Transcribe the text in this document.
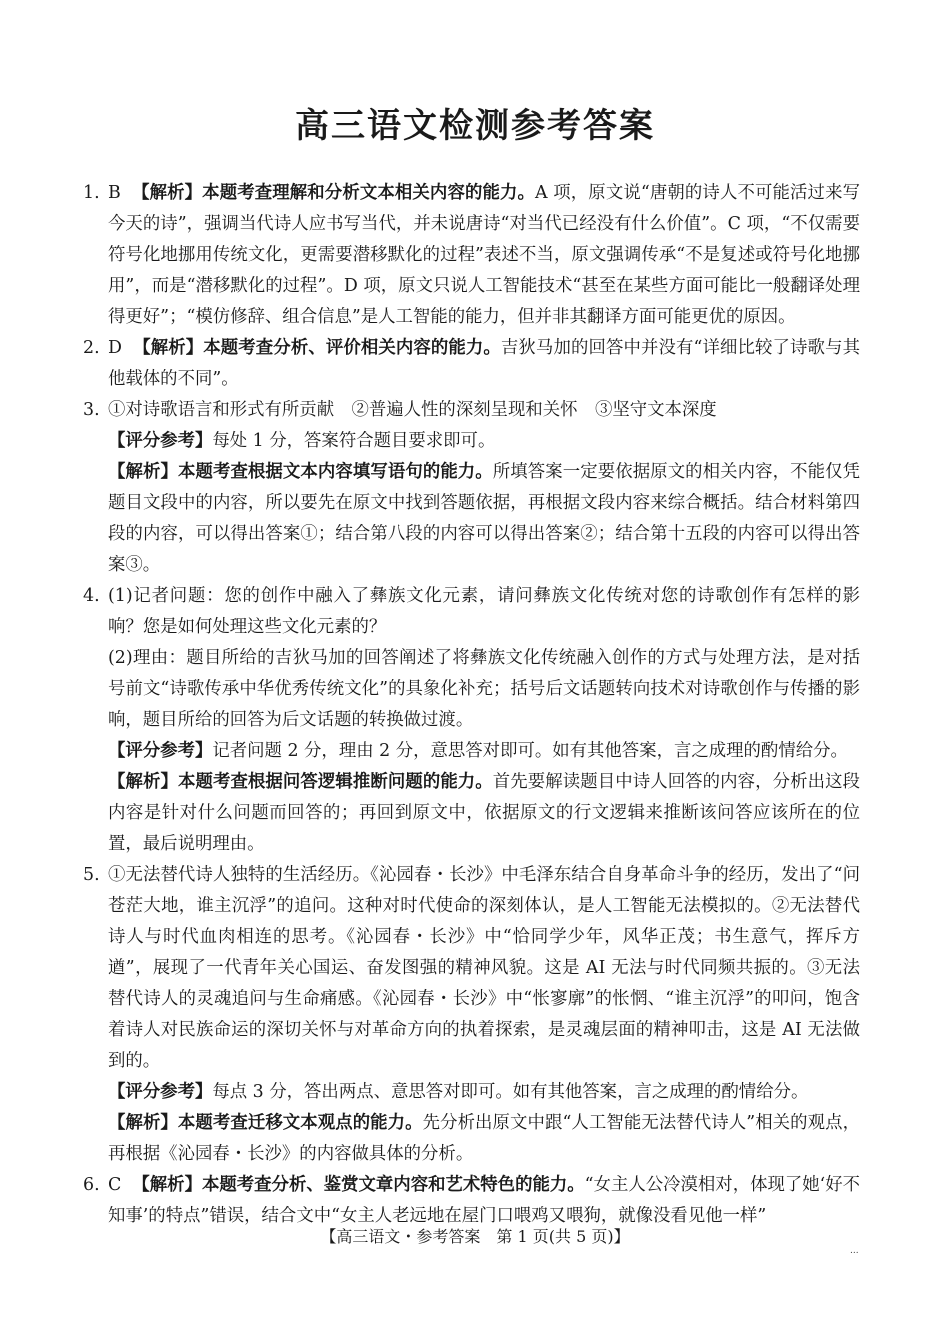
高三语文检测参考答案

1. B 【解析】本题考查理解和分析文本相关内容的能力。A 项，原文说“唐朝的诗人不可能活过来写今天的诗”，强调当代诗人应书写当代，并未说唐诗“对当代已经没有什么价值”。C 项，“不仅需要符号化地挪用传统文化，更需要潜移默化的过程”表述不当，原文强调传承“不是复述或符号化地挪用”，而是“潜移默化的过程”。D 项，原文只说人工智能技术“甚至在某些方面可能比一般翻译处理得更好”；“模仿修辞、组合信息”是人工智能的能力，但并非其翻译方面可能更优的原因。

2. D 【解析】本题考查分析、评价相关内容的能力。吉狄马加的回答中并没有“详细比较了诗歌与其他载体的不同”。

3. ①对诗歌语言和形式有所贡献　②普遍人性的深刻呈现和关怀　③坚守文本深度

【评分参考】每处 1 分，答案符合题目要求即可。

【解析】本题考查根据文本内容填写语句的能力。所填答案一定要依据原文的相关内容，不能仅凭题目文段中的内容，所以要先在原文中找到答题依据，再根据文段内容来综合概括。结合材料第四段的内容，可以得出答案①；结合第八段的内容可以得出答案②；结合第十五段的内容可以得出答案③。

4. (1)记者问题：您的创作中融入了彝族文化元素，请问彝族文化传统对您的诗歌创作有怎样的影响？您是如何处理这些文化元素的？

(2)理由：题目所给的吉狄马加的回答阐述了将彝族文化传统融入创作的方式与处理方法，是对括号前文“诗歌传承中华优秀传统文化”的具象化补充；括号后文话题转向技术对诗歌创作与传播的影响，题目所给的回答为后文话题的转换做过渡。

【评分参考】记者问题 2 分，理由 2 分，意思答对即可。如有其他答案，言之成理的酌情给分。

【解析】本题考查根据问答逻辑推断问题的能力。首先要解读题目中诗人回答的内容，分析出这段内容是针对什么问题而回答的；再回到原文中，依据原文的行文逻辑来推断该问答应该所在的位置，最后说明理由。

5. ①无法替代诗人独特的生活经历。《沁园春・长沙》中毛泽东结合自身革命斗争的经历，发出了“问苍茫大地，谁主沉浮”的追问。这种对时代使命的深刻体认，是人工智能无法模拟的。②无法替代诗人与时代血肉相连的思考。《沁园春・长沙》中“恰同学少年，风华正茂；书生意气，挥斥方遒”，展现了一代青年关心国运、奋发图强的精神风貌。这是 AI 无法与时代同频共振的。③无法替代诗人的灵魂追问与生命痛感。《沁园春・长沙》中“怅寥廓”的怅惘、“谁主沉浮”的叩问，饱含着诗人对民族命运的深切关怀与对革命方向的执着探索，是灵魂层面的精神叩击，这是 AI 无法做到的。

【评分参考】每点 3 分，答出两点、意思答对即可。如有其他答案，言之成理的酌情给分。

【解析】本题考查迁移文本观点的能力。先分析出原文中跟“人工智能无法替代诗人”相关的观点，再根据《沁园春・长沙》的内容做具体的分析。

6. C 【解析】本题考查分析、鉴赏文章内容和艺术特色的能力。“女主人公冷漠相对，体现了她‘好不知事’的特点”错误，结合文中“女主人老远地在屋门口喂鸡又喂狗，就像没看见他一样”

【高三语文・参考答案　第 1 页(共 5 页)】
...
